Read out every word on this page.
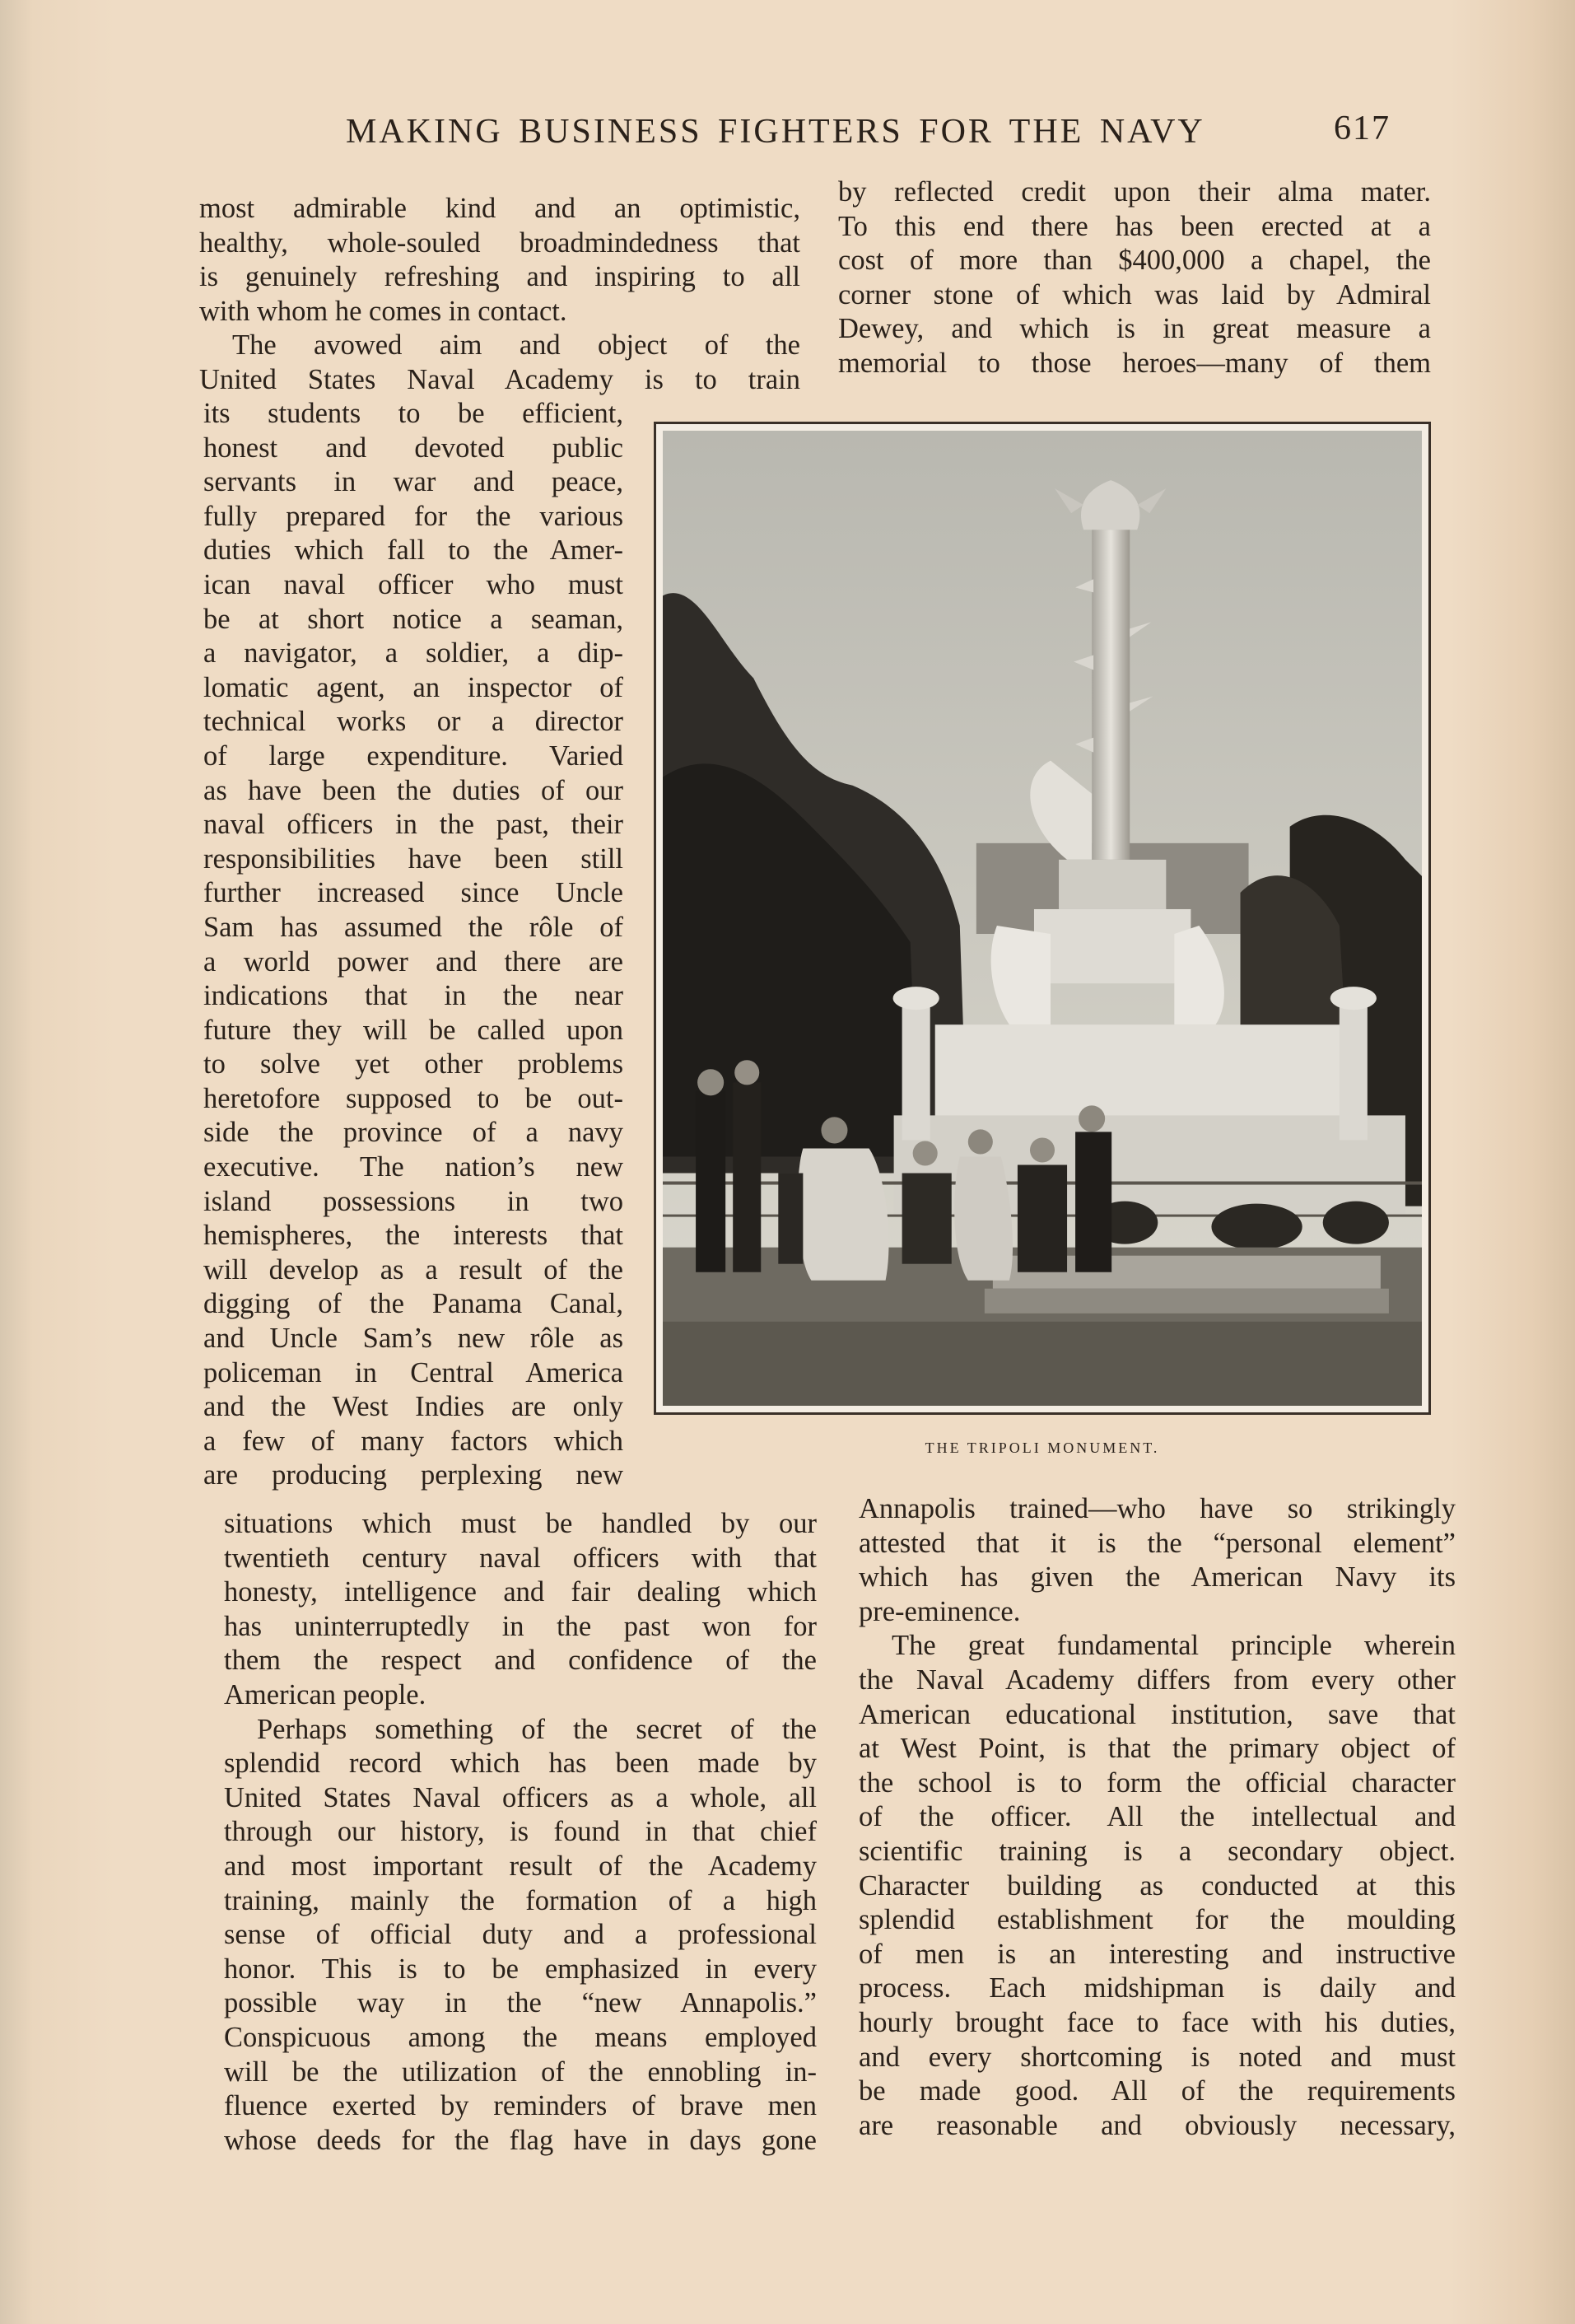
MAKING BUSINESS FIGHTERS FOR THE NAVY	617

most admirable kind and an optimistic,

healthy, whole-souled broadmindedness that

is genuinely refreshing and inspiring to all

with whom he comes in contact.

The avowed aim and object of the

United States Naval Academy is to train

its students to be efficient,

honest and devoted public

servants in war and peace,

fully prepared for the various

duties which fall to the Amer-

ican naval officer who must

be at short notice a seaman,

a navigator, a soldier, a dip-

lomatic agent, an inspector of

technical works or a director

of large expenditure. Varied

as have been the duties of our

naval officers in the past, their

responsibilities have been still

further increased since Uncle

Sam has assumed the rôle of

a world power and there are

indications that in the near

future they will be called upon

to solve yet other problems

heretofore supposed to be out-

side the province of a navy

executive. The nation’s new

island possessions in two

hemispheres, the interests that

will develop as a result of the

digging of the Panama Canal,

and Uncle Sam’s new rôle as

policeman in Central America

and the West Indies are only

a few of many factors which

are producing perplexing new

situations which must be handled by our

twentieth century naval officers with that

honesty, intelligence and fair dealing which

has uninterruptedly in the past won for

them the respect and confidence of the

American people.

Perhaps something of the secret of the

splendid record which has been made by

United States Naval officers as a whole, all

through our history, is found in that chief

and most important result of the Academy

training, mainly the formation of a high

sense of official duty and a professional

honor. This is to be emphasized in every

possible way in the “new Annapolis.”

Conspicuous among the means employed

will be the utilization of the ennobling in-

fluence exerted by reminders of brave men

whose deeds for the flag have in days gone

by reflected credit upon their alma mater.

To this end there has been erected at a

cost of more than $400,000 a chapel, the

corner stone of which was laid by Admiral

Dewey, and which is in great measure a

memorial to those heroes—many of them

THE TRIPOLI MONUMENT.

Annapolis trained—who have so strikingly

attested that it is the “personal element”

which has given the American Navy its

pre-eminence.

The great fundamental principle wherein

the Naval Academy differs from every other

American educational institution, save that

at West Point, is that the primary object of

the school is to form the official character

of the officer. All the intellectual and

scientific training is a secondary object.

Character building as conducted at this

splendid establishment for the moulding

of men is an interesting and instructive

process. Each midshipman is daily and

hourly brought face to face with his duties,

and every shortcoming is noted and must

be made good. All of the requirements

are reasonable and obviously necessary,
